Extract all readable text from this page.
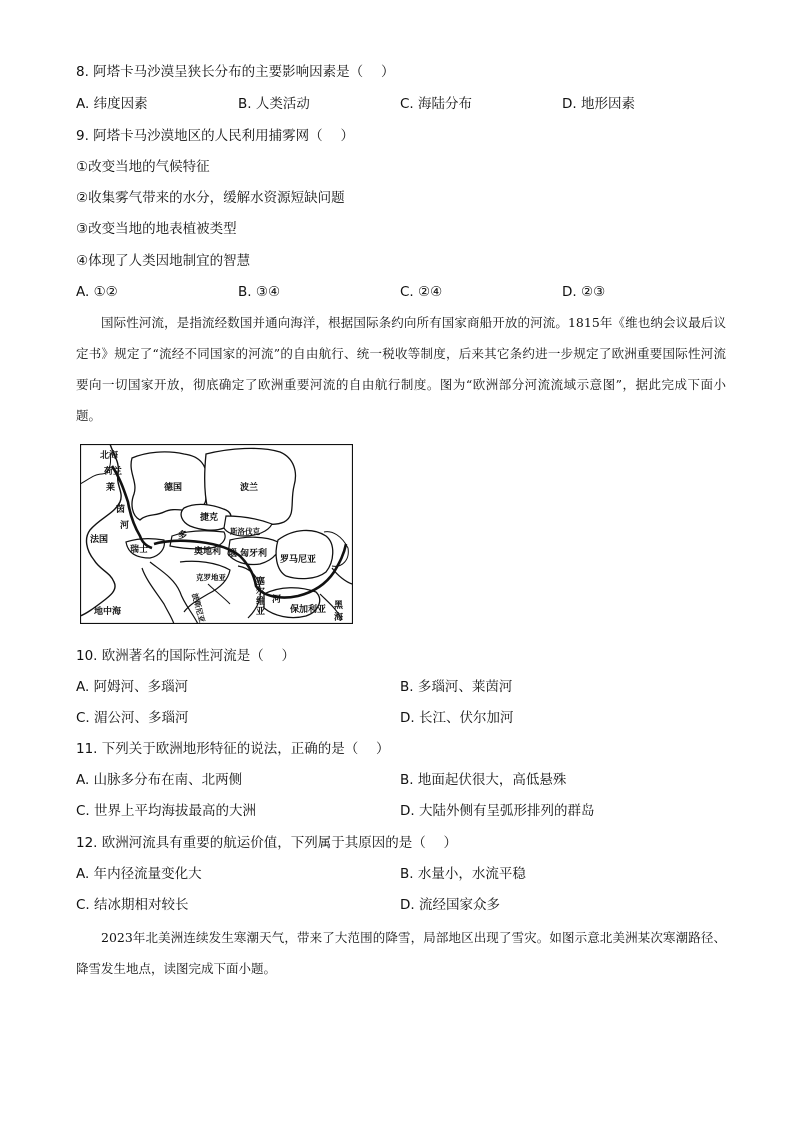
8. 阿塔卡马沙漠呈狭长分布的主要影响因素是（　 ）
A. 纬度因素	B. 人类活动	C. 海陆分布	D. 地形因素
9. 阿塔卡马沙漠地区的人民利用捕雾网（　 ）
①改变当地的气候特征
②收集雾气带来的水分，缓解水资源短缺问题
③改变当地的地表植被类型
④体现了人类因地制宜的智慧
A. ①②	B. ③④	C. ②④	D. ②③

国际性河流，是指流经数国并通向海洋，根据国际条约向所有国家商船开放的河流。1815年《维也纳会议最后议定书》规定了“流经不同国家的河流”的自由航行、统一税收等制度，后来其它条约进一步规定了欧洲重要国际性河流要向一切国家开放，彻底确定了欧洲重要河流的自由航行制度。图为“欧洲部分河流流域示意图”，据此完成下面小题。

北海
荷兰
德国	波兰
莱
茵
河
捷克
斯洛伐克
法国	多
瑙
奥地利
瑞士	匈牙利
罗马尼亚
克罗地亚
波斯尼亚
塞
尔
维
亚
河
保加利亚
地中海
黑
海
10. 欧洲著名的国际性河流是（　 ）
A. 阿姆河、多瑙河	B. 多瑙河、莱茵河
C. 湄公河、多瑙河	D. 长江、伏尔加河
11. 下列关于欧洲地形特征的说法，正确的是（　 ）
A. 山脉多分布在南、北两侧	B. 地面起伏很大，高低悬殊
C. 世界上平均海拔最高的大洲	D. 大陆外侧有呈弧形排列的群岛
12. 欧洲河流具有重要的航运价值，下列属于其原因的是（　 ）
A. 年内径流量变化大	B. 水量小，水流平稳
C. 结冰期相对较长	D. 流经国家众多

2023年北美洲连续发生寒潮天气，带来了大范围的降雪，局部地区出现了雪灾。如图示意北美洲某次寒潮路径、降雪发生地点，读图完成下面小题。
